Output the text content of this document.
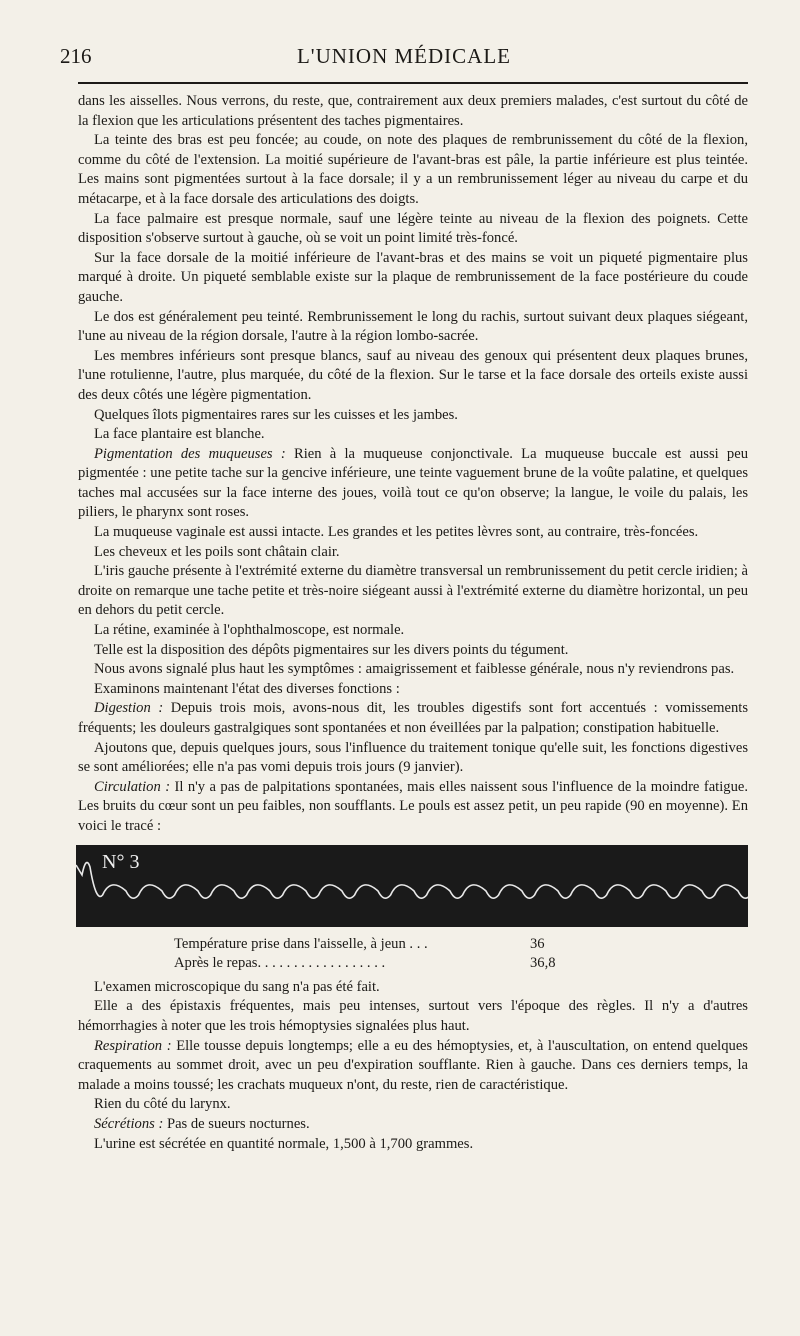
216	L'UNION MÉDICALE

dans les aisselles. Nous verrons, du reste, que, contrairement aux deux premiers malades, c'est surtout du côté de la flexion que les articulations présentent des taches pigmentaires.

La teinte des bras est peu foncée; au coude, on note des plaques de rembrunissement du côté de la flexion, comme du côté de l'extension. La moitié supérieure de l'avant-bras est pâle, la partie inférieure est plus teintée. Les mains sont pigmentées surtout à la face dorsale; il y a un rembrunissement léger au niveau du carpe et du métacarpe, et à la face dorsale des articulations des doigts.

La face palmaire est presque normale, sauf une légère teinte au niveau de la flexion des poignets. Cette disposition s'observe surtout à gauche, où se voit un point limité très-foncé.

Sur la face dorsale de la moitié inférieure de l'avant-bras et des mains se voit un piqueté pigmentaire plus marqué à droite. Un piqueté semblable existe sur la plaque de rembrunissement de la face postérieure du coude gauche.

Le dos est généralement peu teinté. Rembrunissement le long du rachis, surtout suivant deux plaques siégeant, l'une au niveau de la région dorsale, l'autre à la région lombo-sacrée.

Les membres inférieurs sont presque blancs, sauf au niveau des genoux qui présentent deux plaques brunes, l'une rotulienne, l'autre, plus marquée, du côté de la flexion. Sur le tarse et la face dorsale des orteils existe aussi des deux côtés une légère pigmentation.

Quelques îlots pigmentaires rares sur les cuisses et les jambes.

La face plantaire est blanche.

Pigmentation des muqueuses : Rien à la muqueuse conjonctivale. La muqueuse buccale est aussi peu pigmentée : une petite tache sur la gencive inférieure, une teinte vaguement brune de la voûte palatine, et quelques taches mal accusées sur la face interne des joues, voilà tout ce qu'on observe; la langue, le voile du palais, les piliers, le pharynx sont roses.

La muqueuse vaginale est aussi intacte. Les grandes et les petites lèvres sont, au contraire, très-foncées.

Les cheveux et les poils sont châtain clair.

L'iris gauche présente à l'extrémité externe du diamètre transversal un rembrunissement du petit cercle iridien; à droite on remarque une tache petite et très-noire siégeant aussi à l'extrémité externe du diamètre horizontal, un peu en dehors du petit cercle.

La rétine, examinée à l'ophthalmoscope, est normale.

Telle est la disposition des dépôts pigmentaires sur les divers points du tégument.

Nous avons signalé plus haut les symptômes : amaigrissement et faiblesse générale, nous n'y reviendrons pas.

Examinons maintenant l'état des diverses fonctions :

Digestion : Depuis trois mois, avons-nous dit, les troubles digestifs sont fort accentués : vomissements fréquents; les douleurs gastralgiques sont spontanées et non éveillées par la palpation; constipation habituelle.

Ajoutons que, depuis quelques jours, sous l'influence du traitement tonique qu'elle suit, les fonctions digestives se sont améliorées; elle n'a pas vomi depuis trois jours (9 janvier).

Circulation : Il n'y a pas de palpitations spontanées, mais elles naissent sous l'influence de la moindre fatigue. Les bruits du cœur sont un peu faibles, non soufflants. Le pouls est assez petit, un peu rapide (90 en moyenne). En voici le tracé :

N° 3
Température prise dans l'aisselle, à jeun . . .	36
Après le repas. . . . . . . . . . . . . . . . . .	36,8

L'examen microscopique du sang n'a pas été fait.

Elle a des épistaxis fréquentes, mais peu intenses, surtout vers l'époque des règles. Il n'y a d'autres hémorrhagies à noter que les trois hémoptysies signalées plus haut.

Respiration : Elle tousse depuis longtemps; elle a eu des hémoptysies, et, à l'auscultation, on entend quelques craquements au sommet droit, avec un peu d'expiration soufflante. Rien à gauche. Dans ces derniers temps, la malade a moins toussé; les crachats muqueux n'ont, du reste, rien de caractéristique.

Rien du côté du larynx.

Sécrétions : Pas de sueurs nocturnes.

L'urine est sécrétée en quantité normale, 1,500 à 1,700 grammes.
